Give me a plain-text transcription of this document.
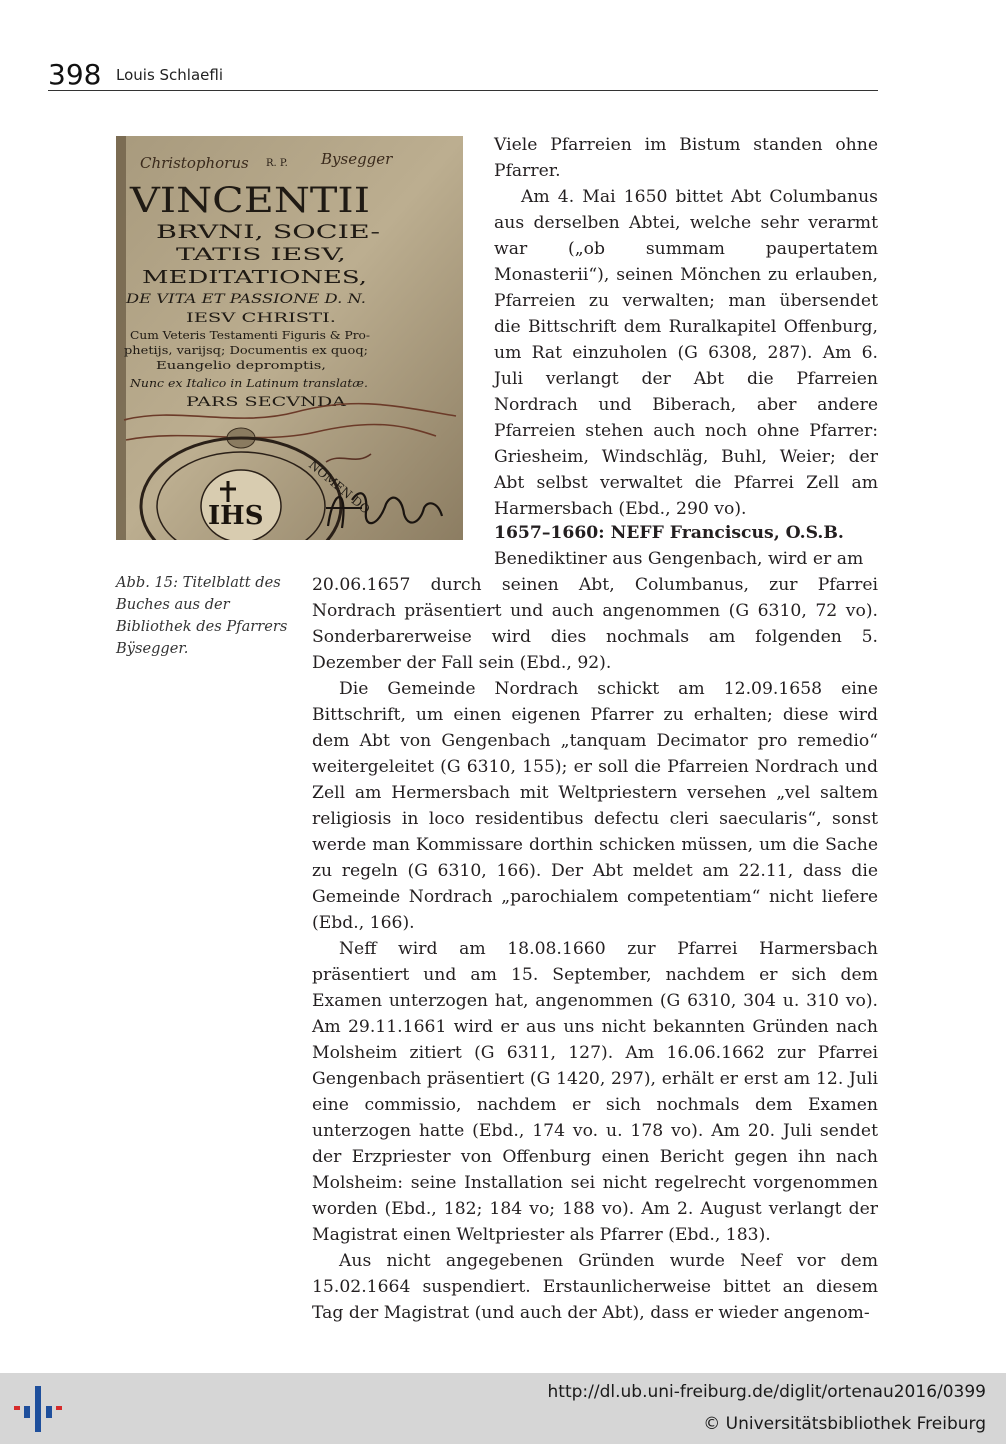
398 Louis Schlaefli
Christophorus R. P. Bysegger
VINCENTII
BRVNI, SOCIE-
TATIS IESV,
MEDITATIONES,
DE VITA ET PASSIONE D. N.
IESV CHRISTI.
Cum Veteris Testamenti Figuris & Pro-
phetijs, varijsq; Documentis ex quoq;
Euangelio depromptis,
Nunc ex Italico in Latinum translatæ.
PARS SECVNDA
IHS	NOMEN DO
Abb. 15: Titelblatt des Buches aus der Bibliothek des Pfarrers Bÿsegger.

Viele Pfarreien im Bistum standen ohne Pfarrer.

Am 4. Mai 1650 bittet Abt Columbanus aus derselben Abtei, welche sehr verarmt war („ob summam paupertatem Monasterii“), seinen Mönchen zu erlauben, Pfarreien zu verwalten; man übersendet die Bittschrift dem Ruralkapitel Offenburg, um Rat einzuholen (G 6308, 287). Am 6. Juli verlangt der Abt die Pfarreien Nordrach und Biberach, aber andere Pfarreien stehen auch noch ohne Pfarrer: Griesheim, Windschläg, Buhl, Weier; der Abt selbst verwaltet die Pfarrei Zell am Harmersbach (Ebd., 290 vo).

1657–1660: NEFF Franciscus, O.S.B.

Benediktiner aus Gengenbach, wird er am

20.06.1657 durch seinen Abt, Columbanus, zur Pfarrei Nordrach präsentiert und auch angenommen (G 6310, 72 vo). Sonderbarerweise wird dies nochmals am folgenden 5. Dezember der Fall sein (Ebd., 92).

Die Gemeinde Nordrach schickt am 12.09.1658 eine Bittschrift, um einen eigenen Pfarrer zu erhalten; diese wird dem Abt von Gengenbach „tanquam Decimator pro remedio“ weitergeleitet (G 6310, 155); er soll die Pfarreien Nordrach und Zell am Hermersbach mit Weltpriestern versehen „vel saltem religiosis in loco residentibus defectu cleri saecularis“, sonst werde man Kommissare dorthin schicken müssen, um die Sache zu regeln (G 6310, 166). Der Abt meldet am 22.11, dass die Gemeinde Nordrach „parochialem competentiam“ nicht liefere (Ebd., 166).

Neff wird am 18.08.1660 zur Pfarrei Harmersbach präsentiert und am 15. September, nachdem er sich dem Examen unterzogen hat, angenommen (G 6310, 304 u. 310 vo). Am 29.11.1661 wird er aus uns nicht bekannten Gründen nach Molsheim zitiert (G 6311, 127). Am 16.06.1662 zur Pfarrei Gengenbach präsentiert (G 1420, 297), erhält er erst am 12. Juli eine commissio, nachdem er sich nochmals dem Examen unterzogen hatte (Ebd., 174 vo. u. 178 vo). Am 20. Juli sendet der Erzpriester von Offenburg einen Bericht gegen ihn nach Molsheim: seine Installation sei nicht regelrecht vorgenommen worden (Ebd., 182; 184 vo; 188 vo). Am 2. August verlangt der Magistrat einen Weltpriester als Pfarrer (Ebd., 183).

Aus nicht angegebenen Gründen wurde Neef vor dem 15.02.1664 suspendiert. Erstaunlicherweise bittet an diesem Tag der Magistrat (und auch der Abt), dass er wieder angenom-

http://dl.ub.uni-freiburg.de/diglit/ortenau2016/0399
© Universitätsbibliothek Freiburg
